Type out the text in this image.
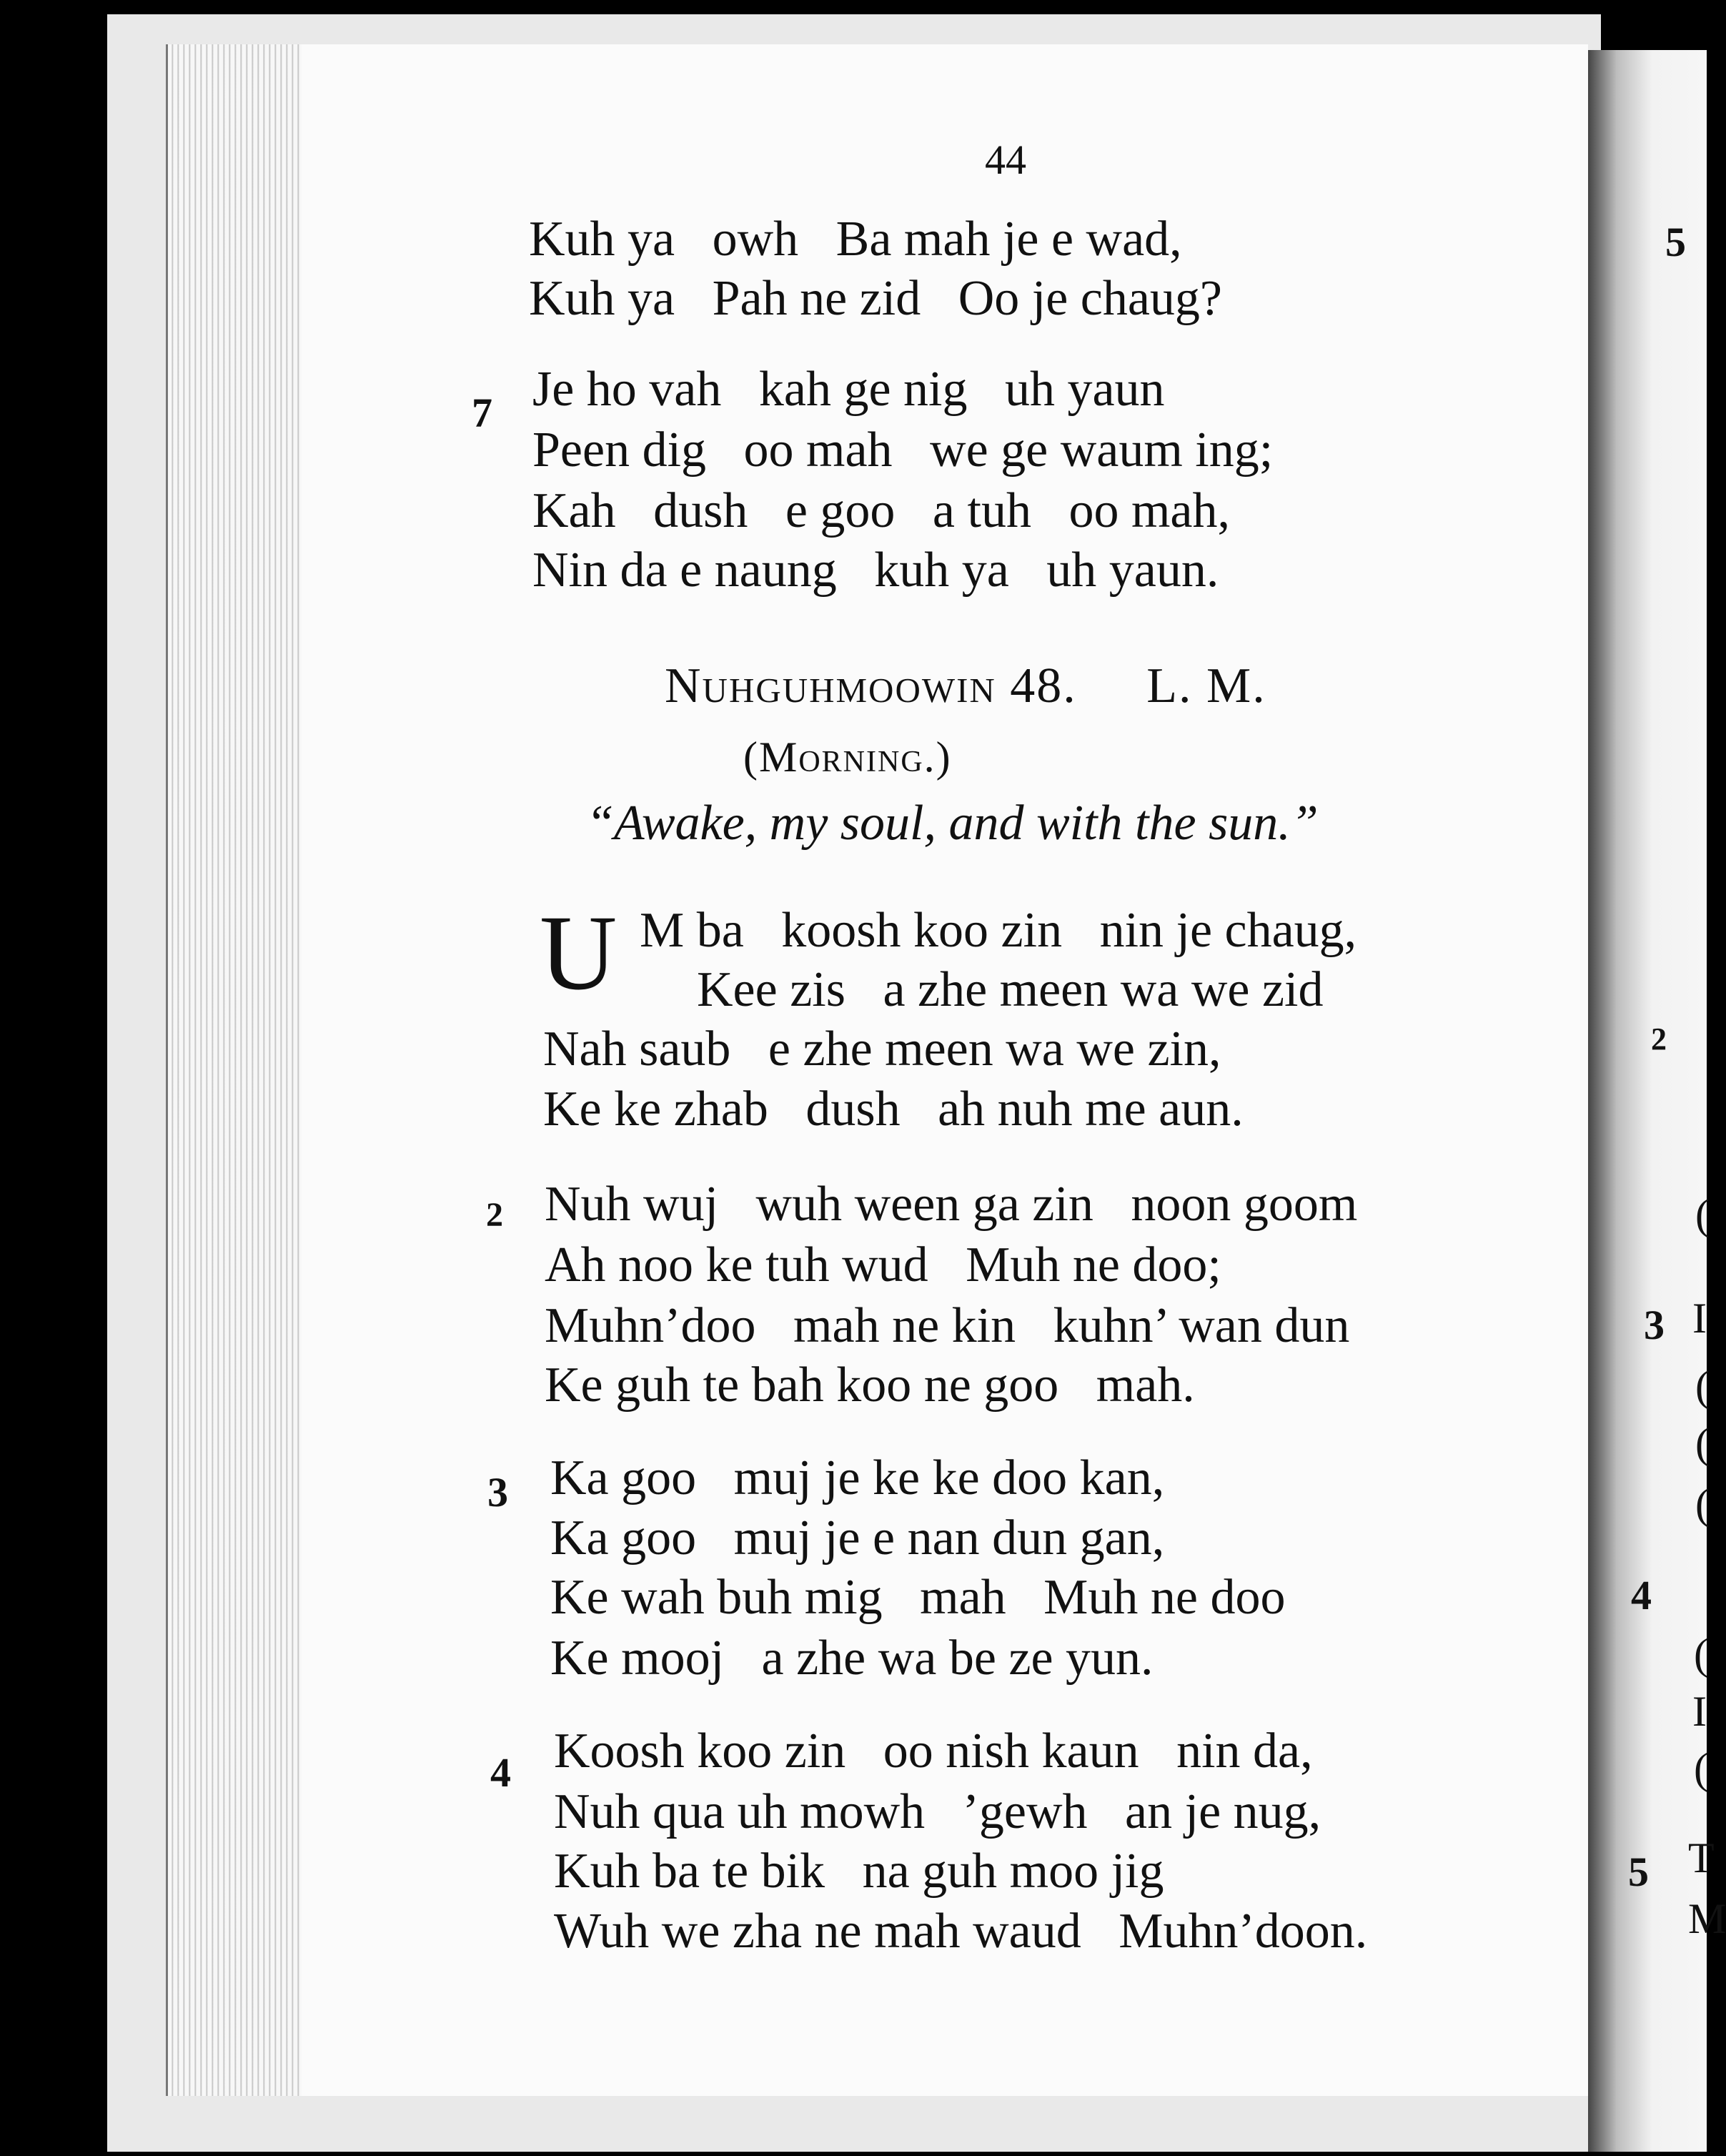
44
Kuh ya   owh   Ba mah je e wad,
Kuh ya   Pah ne zid   Oo je chaug?
7 Je ho vah   kah ge nig   uh yaun
Peen dig   oo mah   we ge waum ing;
Kah   dush   e goo   a tuh   oo mah,
Nin da e naung   kuh ya   uh yaun.
Nuhguhmoowin 48. L. M.
(Morning.)
“Awake, my soul, and with the sun.”
U M ba   koosh koo zin   nin je chaug,
Kee zis   a zhe meen wa we zid
Nah saub   e zhe meen wa we zin,
Ke ke zhab   dush   ah nuh me aun.
2 Nuh wuj   wuh ween ga zin   noon goom
Ah noo ke tuh wud   Muh ne doo;
Muhn’doo   mah ne kin   kuhn’ wan dun
Ke guh te bah koo ne goo   mah.
3 Ka goo   muj je ke ke doo kan,
Ka goo   muj je e nan dun gan,
Ke wah buh mig   mah   Muh ne doo
Ke mooj   a zhe wa be ze yun.
4 Koosh koo zin   oo nish kaun   nin da,
Nuh qua uh mowh   ’gewh   an je nug,
Kuh ba te bik   na guh moo jig
Wuh we zha ne mah waud   Muhn’doon.
5
2
3
4
5
(
(
(
(
I
(
(
I
T
M
